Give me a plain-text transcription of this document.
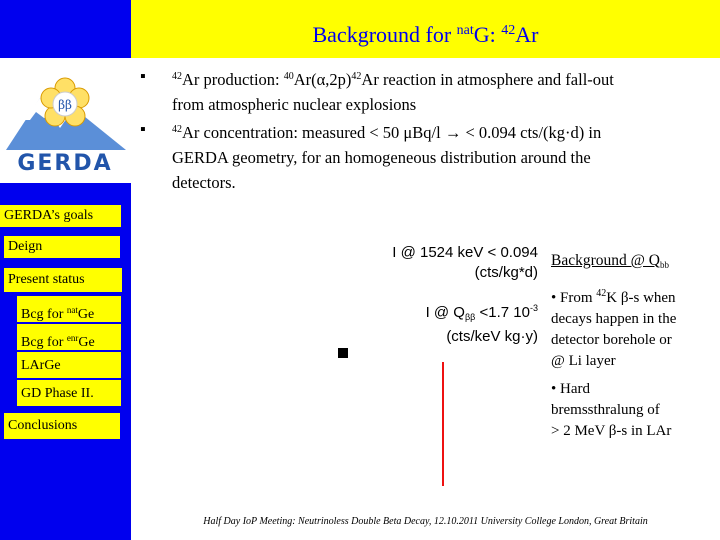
ββ
GERDA
Background for $^{nat}$G: $^{42}$Ar
▪	$^{42}$Ar production: $^{40}Ar(\alpha,2p)^{42}Ar$ reaction in atmosphere and fall-out
from atmospheric nuclear explosions
▪	$^{42}$Ar concentration: measured < 50 μBq/l → < 0.094 cts/(kg·d) in
GERDA geometry, for an homogeneous distribution around the
detectors.
GERDA’s goals
Deign
Present status
Bcg for $^{nat}$Ge
Bcg for $^{enr}$Ge
LArGe
GD Phase II.
Conclusions
I @ 1524 keV < 0.094
(cts/kg*d)
I @ $Q_{\beta\beta} <1.7$ $10^{-3}$
(cts/keV kg·y)
Background @ $Q_{bb}$
• From $^{42}$K β-s when
decays happen in the
detector borehole or
@ Li layer
• Hard
bremssthralung of
> 2 MeV β-s in LAr
Half Day IoP Meeting: Neutrinoless Double Beta Decay, 12.10.2011 University College London, Great Britain
